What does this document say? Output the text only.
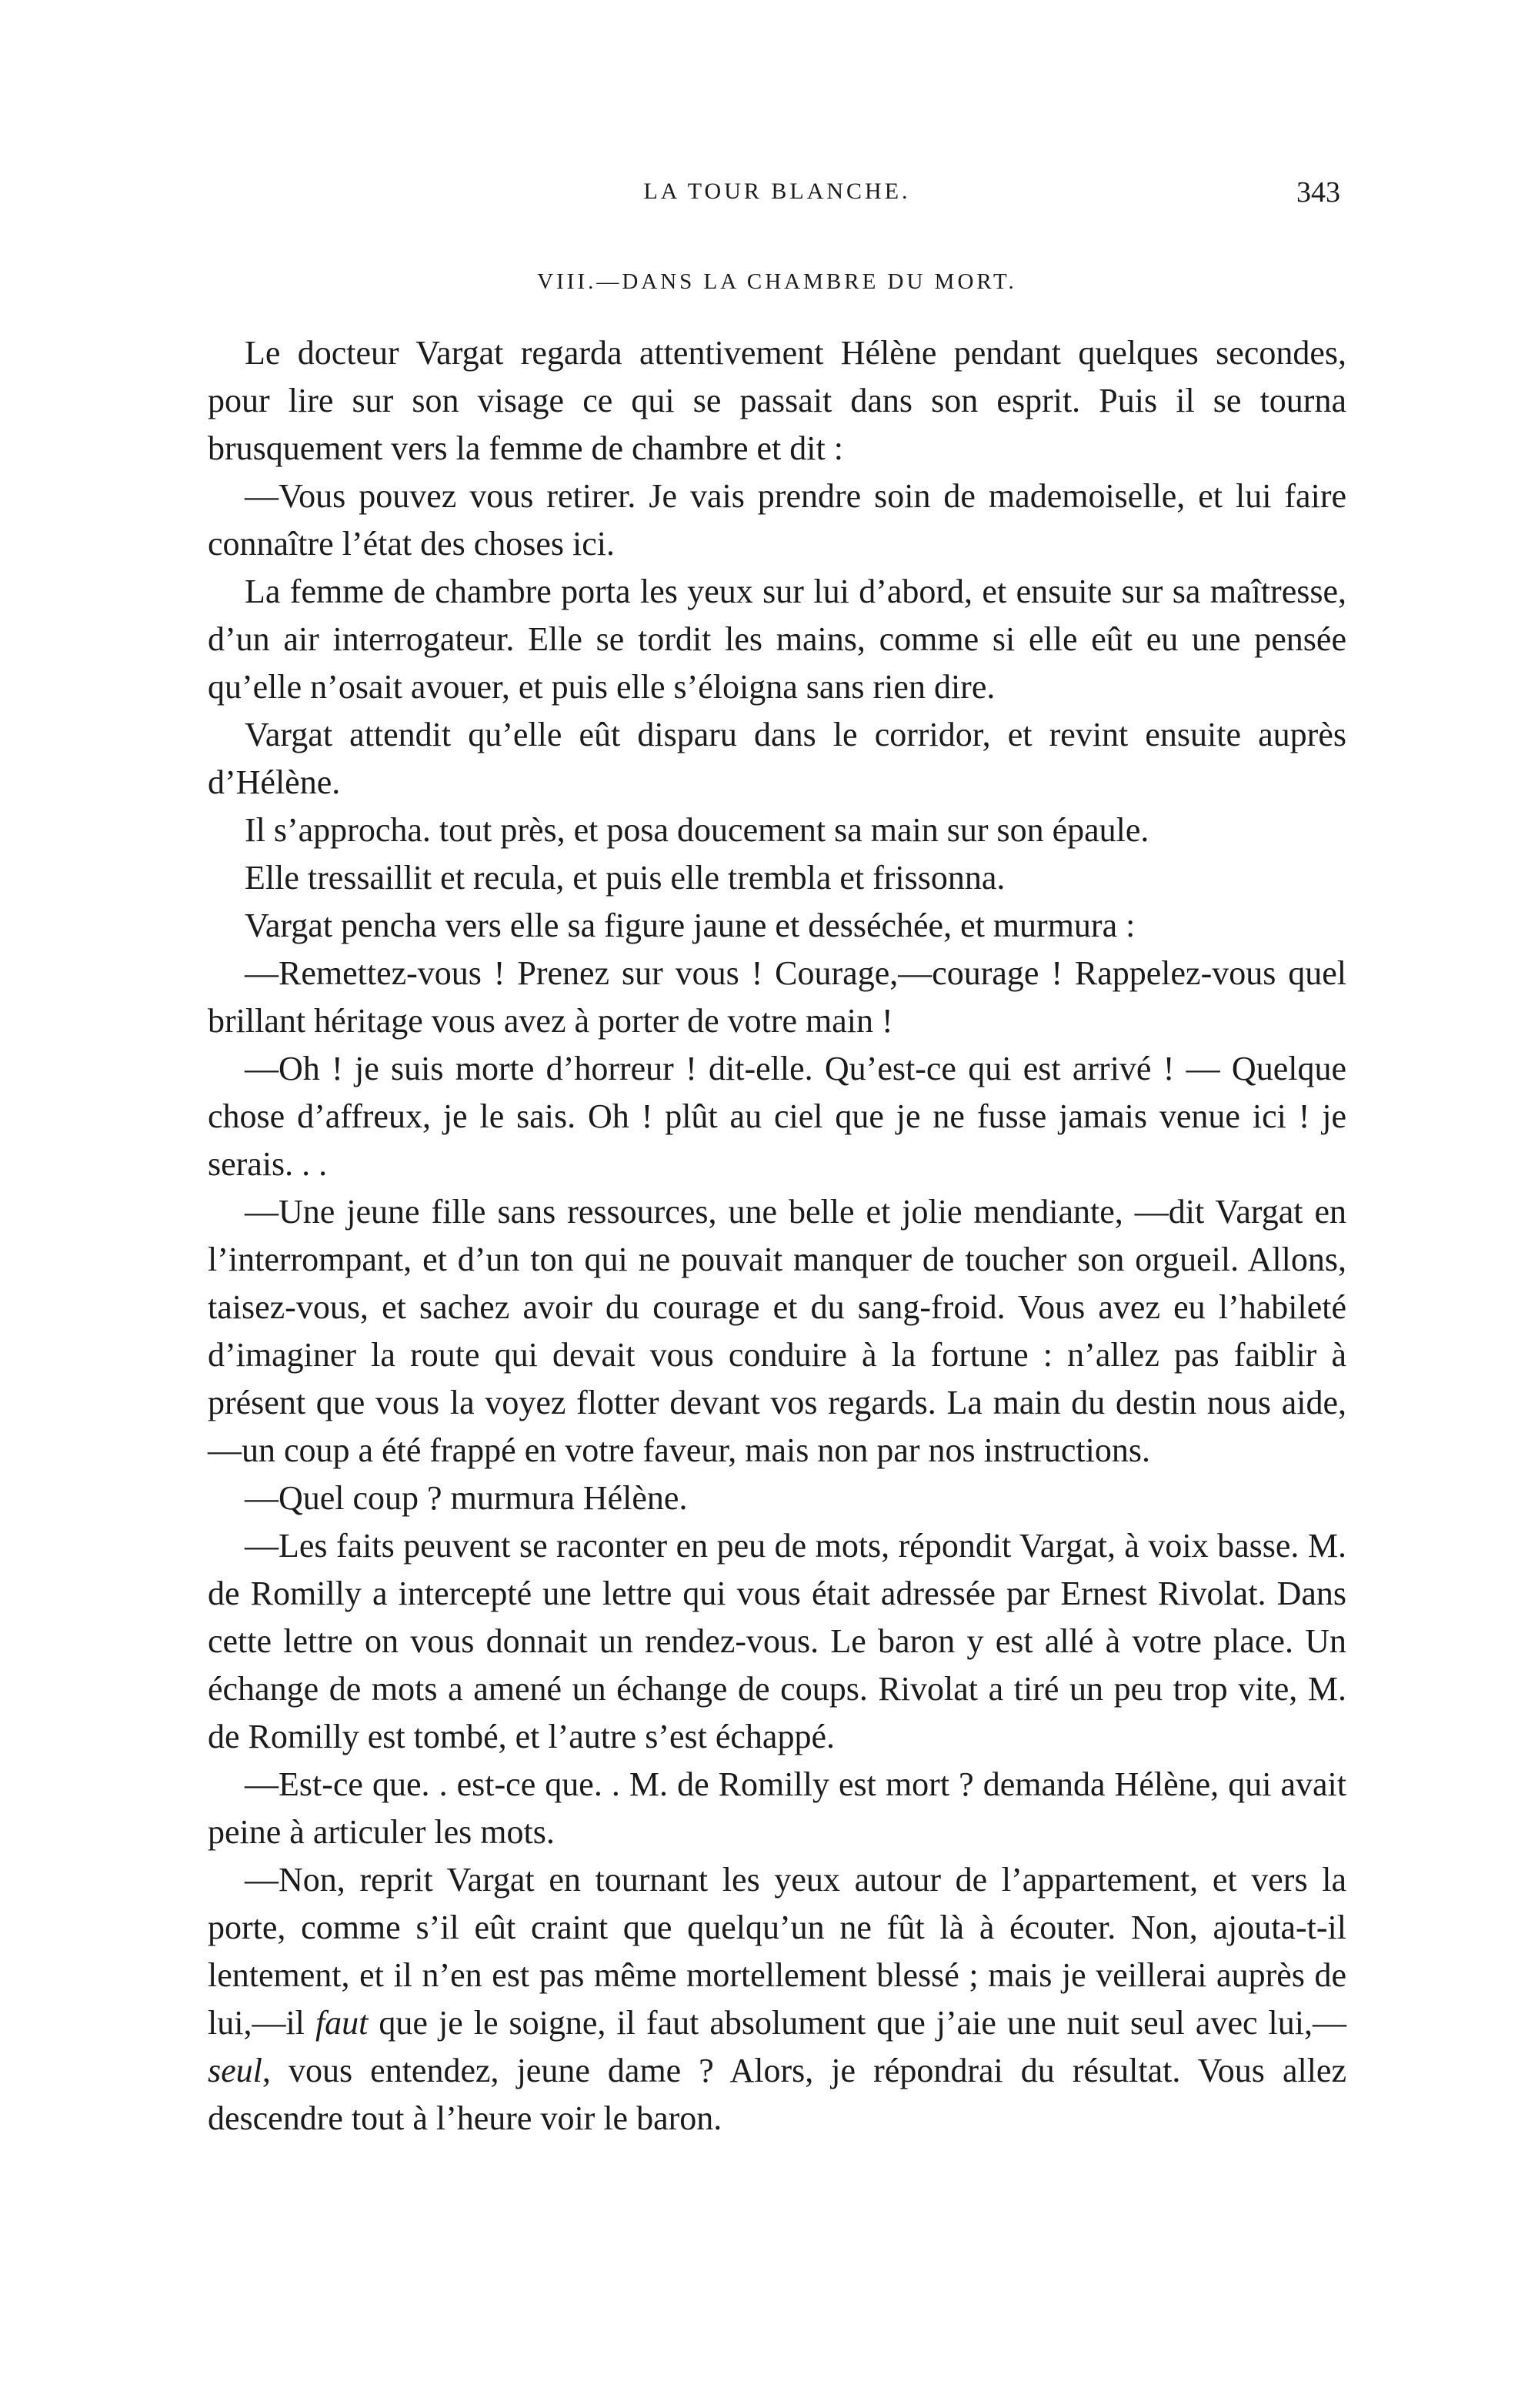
LA TOUR BLANCHE.	343
VIII.—DANS LA CHAMBRE DU MORT.

Le docteur Vargat regarda attentivement Hélène pendant quelques secondes, pour lire sur son visage ce qui se passait dans son esprit. Puis il se tourna brusquement vers la femme de chambre et dit :

—Vous pouvez vous retirer. Je vais prendre soin de mademoiselle, et lui faire connaître l’état des choses ici.

La femme de chambre porta les yeux sur lui d’abord, et ensuite sur sa maîtresse, d’un air interrogateur. Elle se tordit les mains, comme si elle eût eu une pensée qu’elle n’osait avouer, et puis elle s’éloigna sans rien dire.

Vargat attendit qu’elle eût disparu dans le corridor, et revint ensuite auprès d’Hélène.

Il s’approcha. tout près, et posa doucement sa main sur son épaule.

Elle tressaillit et recula, et puis elle trembla et frissonna.

Vargat pencha vers elle sa figure jaune et desséchée, et murmura :

—Remettez-vous ! Prenez sur vous ! Courage,—courage ! Rappelez-vous quel brillant héritage vous avez à porter de votre main !

—Oh ! je suis morte d’horreur ! dit-elle. Qu’est-ce qui est arrivé ! — Quelque chose d’affreux, je le sais. Oh ! plût au ciel que je ne fusse jamais venue ici ! je serais. . .

—Une jeune fille sans ressources, une belle et jolie mendiante, —dit Vargat en l’interrompant, et d’un ton qui ne pouvait manquer de toucher son orgueil. Allons, taisez-vous, et sachez avoir du courage et du sang-froid. Vous avez eu l’habileté d’imaginer la route qui devait vous conduire à la fortune : n’allez pas faiblir à présent que vous la voyez flotter devant vos regards. La main du destin nous aide,—un coup a été frappé en votre faveur, mais non par nos instructions.

—Quel coup ? murmura Hélène.

—Les faits peuvent se raconter en peu de mots, répondit Vargat, à voix basse. M. de Romilly a intercepté une lettre qui vous était adressée par Ernest Rivolat. Dans cette lettre on vous donnait un rendez-vous. Le baron y est allé à votre place. Un échange de mots a amené un échange de coups. Rivolat a tiré un peu trop vite, M. de Romilly est tombé, et l’autre s’est échappé.

—Est-ce que. . est-ce que. . M. de Romilly est mort ? demanda Hélène, qui avait peine à articuler les mots.

—Non, reprit Vargat en tournant les yeux autour de l’appartement, et vers la porte, comme s’il eût craint que quelqu’un ne fût là à écouter. Non, ajouta-t-il lentement, et il n’en est pas même mortellement blessé ; mais je veillerai auprès de lui,—il faut que je le soigne, il faut absolument que j’aie une nuit seul avec lui,—seul, vous entendez, jeune dame ? Alors, je répondrai du résultat. Vous allez descendre tout à l’heure voir le baron.
